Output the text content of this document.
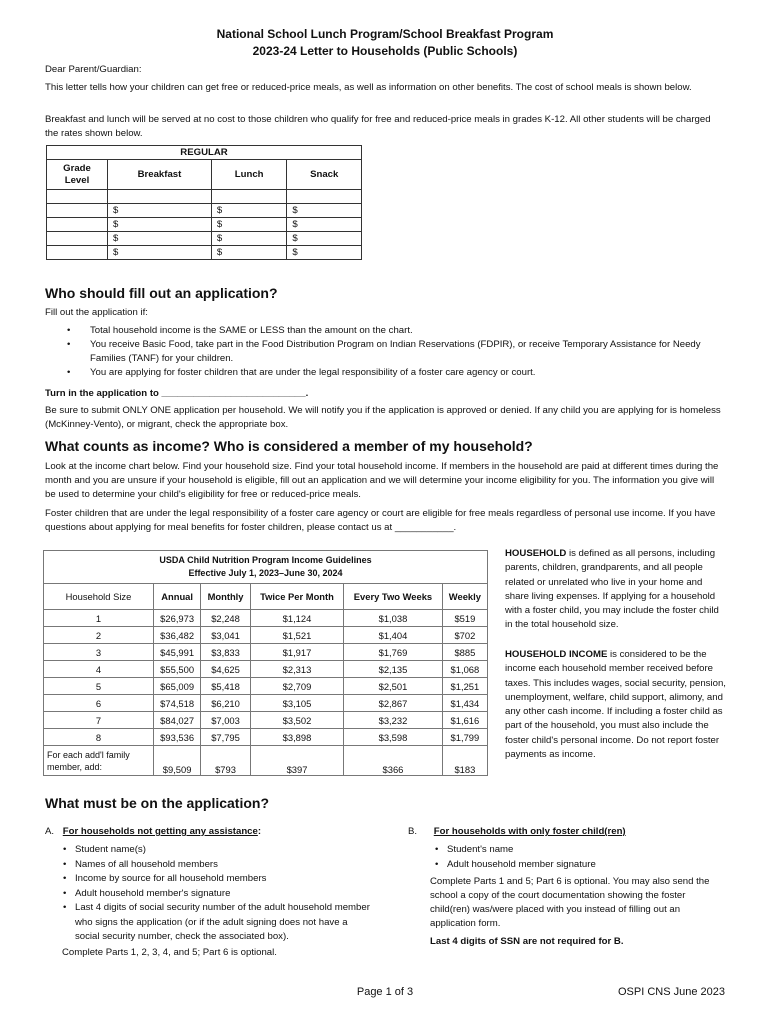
National School Lunch Program/School Breakfast Program
2023-24 Letter to Households (Public Schools)
Dear Parent/Guardian:
This letter tells how your children can get free or reduced-price meals, as well as information on other benefits. The cost of school meals is shown below.
Breakfast and lunch will be served at no cost to those children who qualify for free and reduced-price meals in grades K-12. All other students will be charged the rates shown below.
REGULAR			
Grade Level	Breakfast	Lunch	Snack

	$	$	$
	$	$	$
	$	$	$
	$	$	$
Who should fill out an application?
Fill out the application if:
• Total household income is the SAME or LESS than the amount on the chart.
• You receive Basic Food, take part in the Food Distribution Program on Indian Reservations (FDPIR), or receive Temporary Assistance for Needy Families (TANF) for your children.
• You are applying for foster children that are under the legal responsibility of a foster care agency or court.
Turn in the application to ___________________________.
Be sure to submit ONLY ONE application per household. We will notify you if the application is approved or denied. If any child you are applying for is homeless (McKinney-Vento), or migrant, check the appropriate box.
What counts as income? Who is considered a member of my household?
Look at the income chart below. Find your household size. Find your total household income. If members in the household are paid at different times during the month and you are unsure if your household is eligible, fill out an application and we will determine your income eligibility for you. The information you give will be used to determine your child's eligibility for free or reduced-price meals.
Foster children that are under the legal responsibility of a foster care agency or court are eligible for free meals regardless of personal use income. If you have questions about applying for meal benefits for foster children, please contact us at ___________.
USDA Child Nutrition Program Income Guidelines
Effective July 1, 2023–June 30, 2024					

Household Size	Annual	Monthly	Twice Per Month	Every Two Weeks	Weekly
1	$26,973	$2,248	$1,124	$1,038	$519
2	$36,482	$3,041	$1,521	$1,404	$702
3	$45,991	$3,833	$1,917	$1,769	$885
4	$55,500	$4,625	$2,313	$2,135	$1,068
5	$65,009	$5,418	$2,709	$2,501	$1,251
6	$74,518	$6,210	$3,105	$2,867	$1,434
7	$84,027	$7,003	$3,502	$3,232	$1,616
8	$93,536	$7,795	$3,898	$3,598	$1,799
For each add'l family member, add:	$9,509	$793	$397	$366	$183
HOUSEHOLD is defined as all persons, including parents, children, grandparents, and all people related or unrelated who live in your home and share living expenses. If applying for a household with a foster child, you may include the foster child in the total household size.
HOUSEHOLD INCOME is considered to be the income each household member received before taxes. This includes wages, social security, pension, unemployment, welfare, child support, alimony, and any other cash income. If including a foster child as part of the household, you must also include the foster child's personal income. Do not report foster payments as income.
What must be on the application?
A. For households not getting any assistance:
• Student name(s)
• Names of all household members
• Income by source for all household members
• Adult household member's signature
• Last 4 digits of social security number of the adult household member who signs the application (or if the adult signing does not have a social security number, check the associated box).
Complete Parts 1, 2, 3, 4, and 5; Part 6 is optional.
B. For households with only foster child(ren)
• Student's name
• Adult household member signature
Complete Parts 1 and 5; Part 6 is optional. You may also send the school a copy of the court documentation showing the foster child(ren) was/were placed with you instead of filling out an application form.
Last 4 digits of SSN are not required for B.
Page 1 of 3	OSPI CNS June 2023
